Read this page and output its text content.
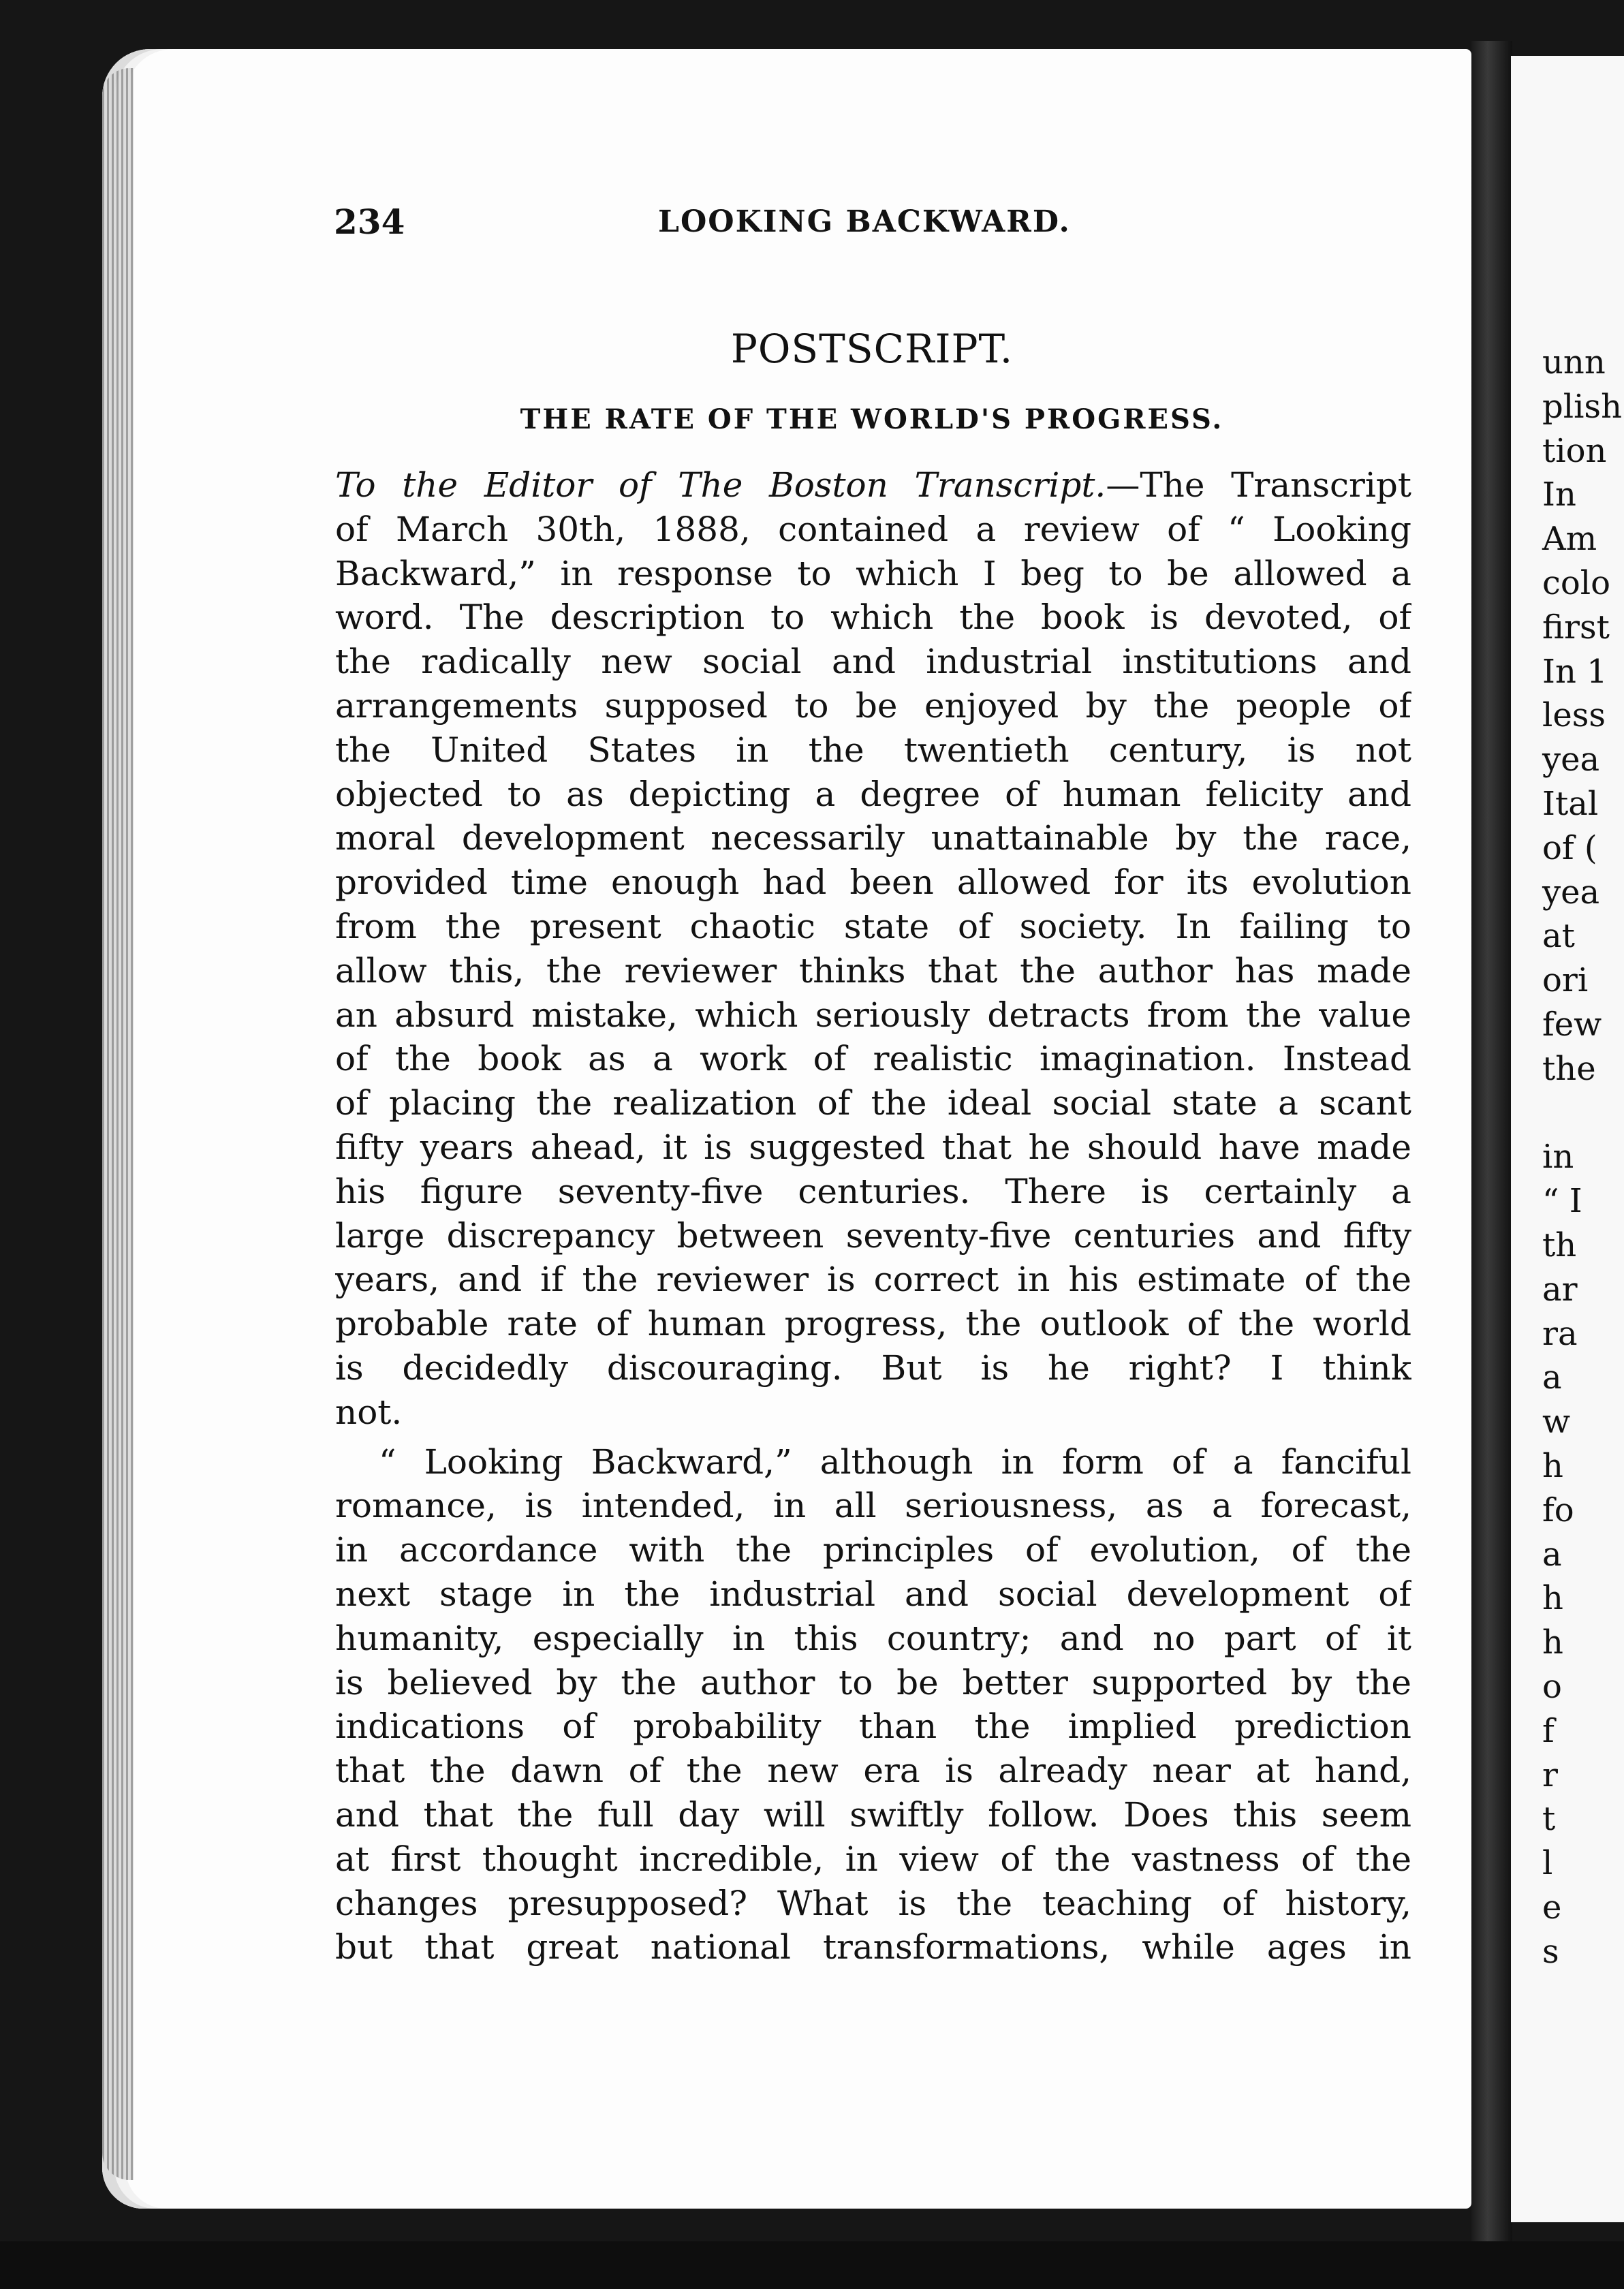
unn
plish
tion
In
Am
colo
first
In 1
less
yea
Ital
of (
yea
at
ori
few
the
in
“ I
th
ar
ra
a
w
h
fo
a
h
h
o
f
r
t
l
e
s
234	LOOKING BACKWARD.
POSTSCRIPT.
THE RATE OF THE WORLD'S PROGRESS.
To the Editor of The Boston Transcript.—The Transcript
of March 30th, 1888, contained a review of “ Looking
Backward,” in response to which I beg to be allowed a
word. The description to which the book is devoted, of
the radically new social and industrial institutions and
arrangements supposed to be enjoyed by the people of
the United States in the twentieth century, is not
objected to as depicting a degree of human felicity and
moral development necessarily unattainable by the race,
provided time enough had been allowed for its evolution
from the present chaotic state of society. In failing to
allow this, the reviewer thinks that the author has made
an absurd mistake, which seriously detracts from the value
of the book as a work of realistic imagination. Instead
of placing the realization of the ideal social state a scant
fifty years ahead, it is suggested that he should have made
his figure seventy-five centuries. There is certainly a
large discrepancy between seventy-five centuries and fifty
years, and if the reviewer is correct in his estimate of the
probable rate of human progress, the outlook of the world
is decidedly discouraging. But is he right? I think
not.
“ Looking Backward,” although in form of a fanciful
romance, is intended, in all seriousness, as a forecast,
in accordance with the principles of evolution, of the
next stage in the industrial and social development of
humanity, especially in this country; and no part of it
is believed by the author to be better supported by the
indications of probability than the implied prediction
that the dawn of the new era is already near at hand,
and that the full day will swiftly follow. Does this seem
at first thought incredible, in view of the vastness of the
changes presupposed? What is the teaching of history,
but that great national transformations, while ages in
